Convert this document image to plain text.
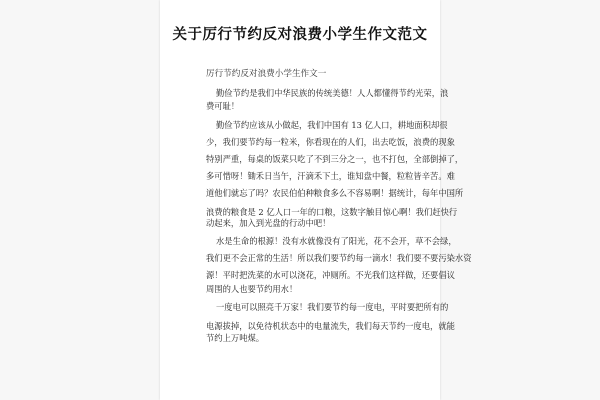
关于厉行节约反对浪费小学生作文范文
厉行节约反对浪费小学生作文一
勤俭节约是我们中华民族的传统美德！人人都懂得节约光荣，浪
费可耻！
勤俭节约应该从小做起，我们中国有 13 亿人口，耕地面积却很
少，我们要节约每一粒米，你看现在的人们，出去吃饭，浪费的现象
特别严重，每桌的饭菜只吃了不到三分之一，也不打包，全部倒掉了，
多可惜呀！锄禾日当午，汗滴禾下土，谁知盘中餐，粒粒皆辛苦。难
道他们就忘了吗？农民伯伯种粮食多么不容易啊！据统计，每年中国所
浪费的粮食是 2 亿人口一年的口粮，这数字触目惊心啊！我们赶快行
动起来，加入到光盘的行动中吧！
水是生命的根源！没有水就像没有了阳光，花不会开，草不会绿，
我们更不会正常的生活！所以我们要节约每一滴水！我们要不要污染水资
源！平时把洗菜的水可以浇花，冲厕所。不光我们这样做，还要倡议
周围的人也要节约用水！
一度电可以照亮千万家！我们要节约每一度电，平时要把所有的
电源拔掉，以免待机状态中的电量流失，我们每天节约一度电，就能
节约上万吨煤。
